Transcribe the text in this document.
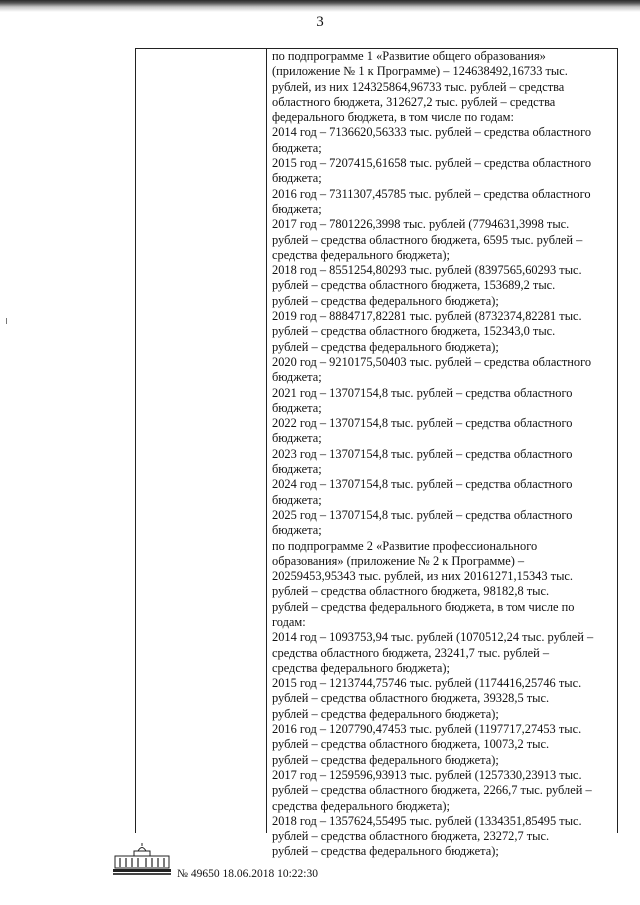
3

по подпрограмме 1 «Развитие общего образования»

(приложение № 1 к Программе) – 124638492,16733 тыс.

рублей, из них 124325864,96733 тыс. рублей – средства

областного бюджета, 312627,2 тыс. рублей – средства

федерального бюджета, в том числе по годам:

2014 год – 7136620,56333 тыс. рублей – средства областного

бюджета;

2015 год – 7207415,61658 тыс. рублей – средства областного

бюджета;

2016 год – 7311307,45785 тыс. рублей – средства областного

бюджета;

2017 год – 7801226,3998 тыс. рублей (7794631,3998 тыс.

рублей – средства областного бюджета, 6595 тыс. рублей –

средства федерального бюджета);

2018 год – 8551254,80293 тыс. рублей (8397565,60293 тыс.

рублей – средства областного бюджета, 153689,2 тыс.

рублей – средства федерального бюджета);

2019 год – 8884717,82281 тыс. рублей (8732374,82281 тыс.

рублей – средства областного бюджета, 152343,0 тыс.

рублей – средства федерального бюджета);

2020 год – 9210175,50403 тыс. рублей – средства областного

бюджета;

2021 год – 13707154,8 тыс. рублей – средства областного

бюджета;

2022 год – 13707154,8 тыс. рублей – средства областного

бюджета;

2023 год – 13707154,8 тыс. рублей – средства областного

бюджета;

2024 год – 13707154,8 тыс. рублей – средства областного

бюджета;

2025 год – 13707154,8 тыс. рублей – средства областного

бюджета;

по подпрограмме 2 «Развитие профессионального

образования» (приложение № 2 к Программе) –

20259453,95343 тыс. рублей, из них 20161271,15343 тыс.

рублей – средства областного бюджета, 98182,8 тыс.

рублей – средства федерального бюджета, в том числе по

годам:

2014 год – 1093753,94 тыс. рублей (1070512,24 тыс. рублей –

средства областного бюджета, 23241,7 тыс. рублей –

средства федерального бюджета);

2015 год – 1213744,75746 тыс. рублей (1174416,25746 тыс.

рублей – средства областного бюджета, 39328,5 тыс.

рублей – средства федерального бюджета);

2016 год – 1207790,47453 тыс. рублей (1197717,27453 тыс.

рублей – средства областного бюджета, 10073,2 тыс.

рублей – средства федерального бюджета);

2017 год – 1259596,93913 тыс. рублей (1257330,23913 тыс.

рублей – средства областного бюджета, 2266,7 тыс. рублей –

средства федерального бюджета);

2018 год – 1357624,55495 тыс. рублей (1334351,85495 тыс.

рублей – средства областного бюджета, 23272,7 тыс.

рублей – средства федерального бюджета);

№ 49650 18.06.2018 10:22:30
